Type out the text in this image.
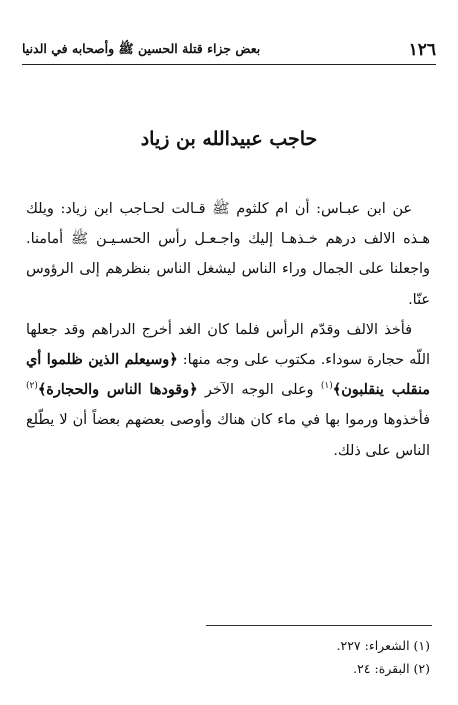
١٢٦
بعض جزاء قتلة الحسين ﷺ وأصحابه في الدنيا
حاجب عبيدالله بن زياد

عن ابن عبـاس: أن ام كلثوم ﷺ قـالت لحـاجب ابن زياد: ويلك هـذه الالف درهم خـذهـا إليك واجـعـل رأس الحسـيـن ﷺ أمامنا. واجعلنا على الجمال وراء الناس ليشغل الناس بنظرهم إلى الرؤوس عنّا.

فأخذ الالف وقدّم الرأس فلما كان الغد أخرج الدراهم وقد جعلها اللّه حجارة سوداء. مكتوب على وجه منها: ﴿وسيعلم الذين ظلموا أي منقلب ينقلبون﴾$^{(١)}$ وعلى الوجه الآخر ﴿وقودها الناس والحجارة﴾$^{(٢)}$ فأخذوها ورموا بها في ماء كان هناك وأوصى بعضهم بعضاً أن لا يطّلع الناس على ذلك.

(١) الشعراء: ٢٢٧.
(٢) البقرة: ٢٤.
